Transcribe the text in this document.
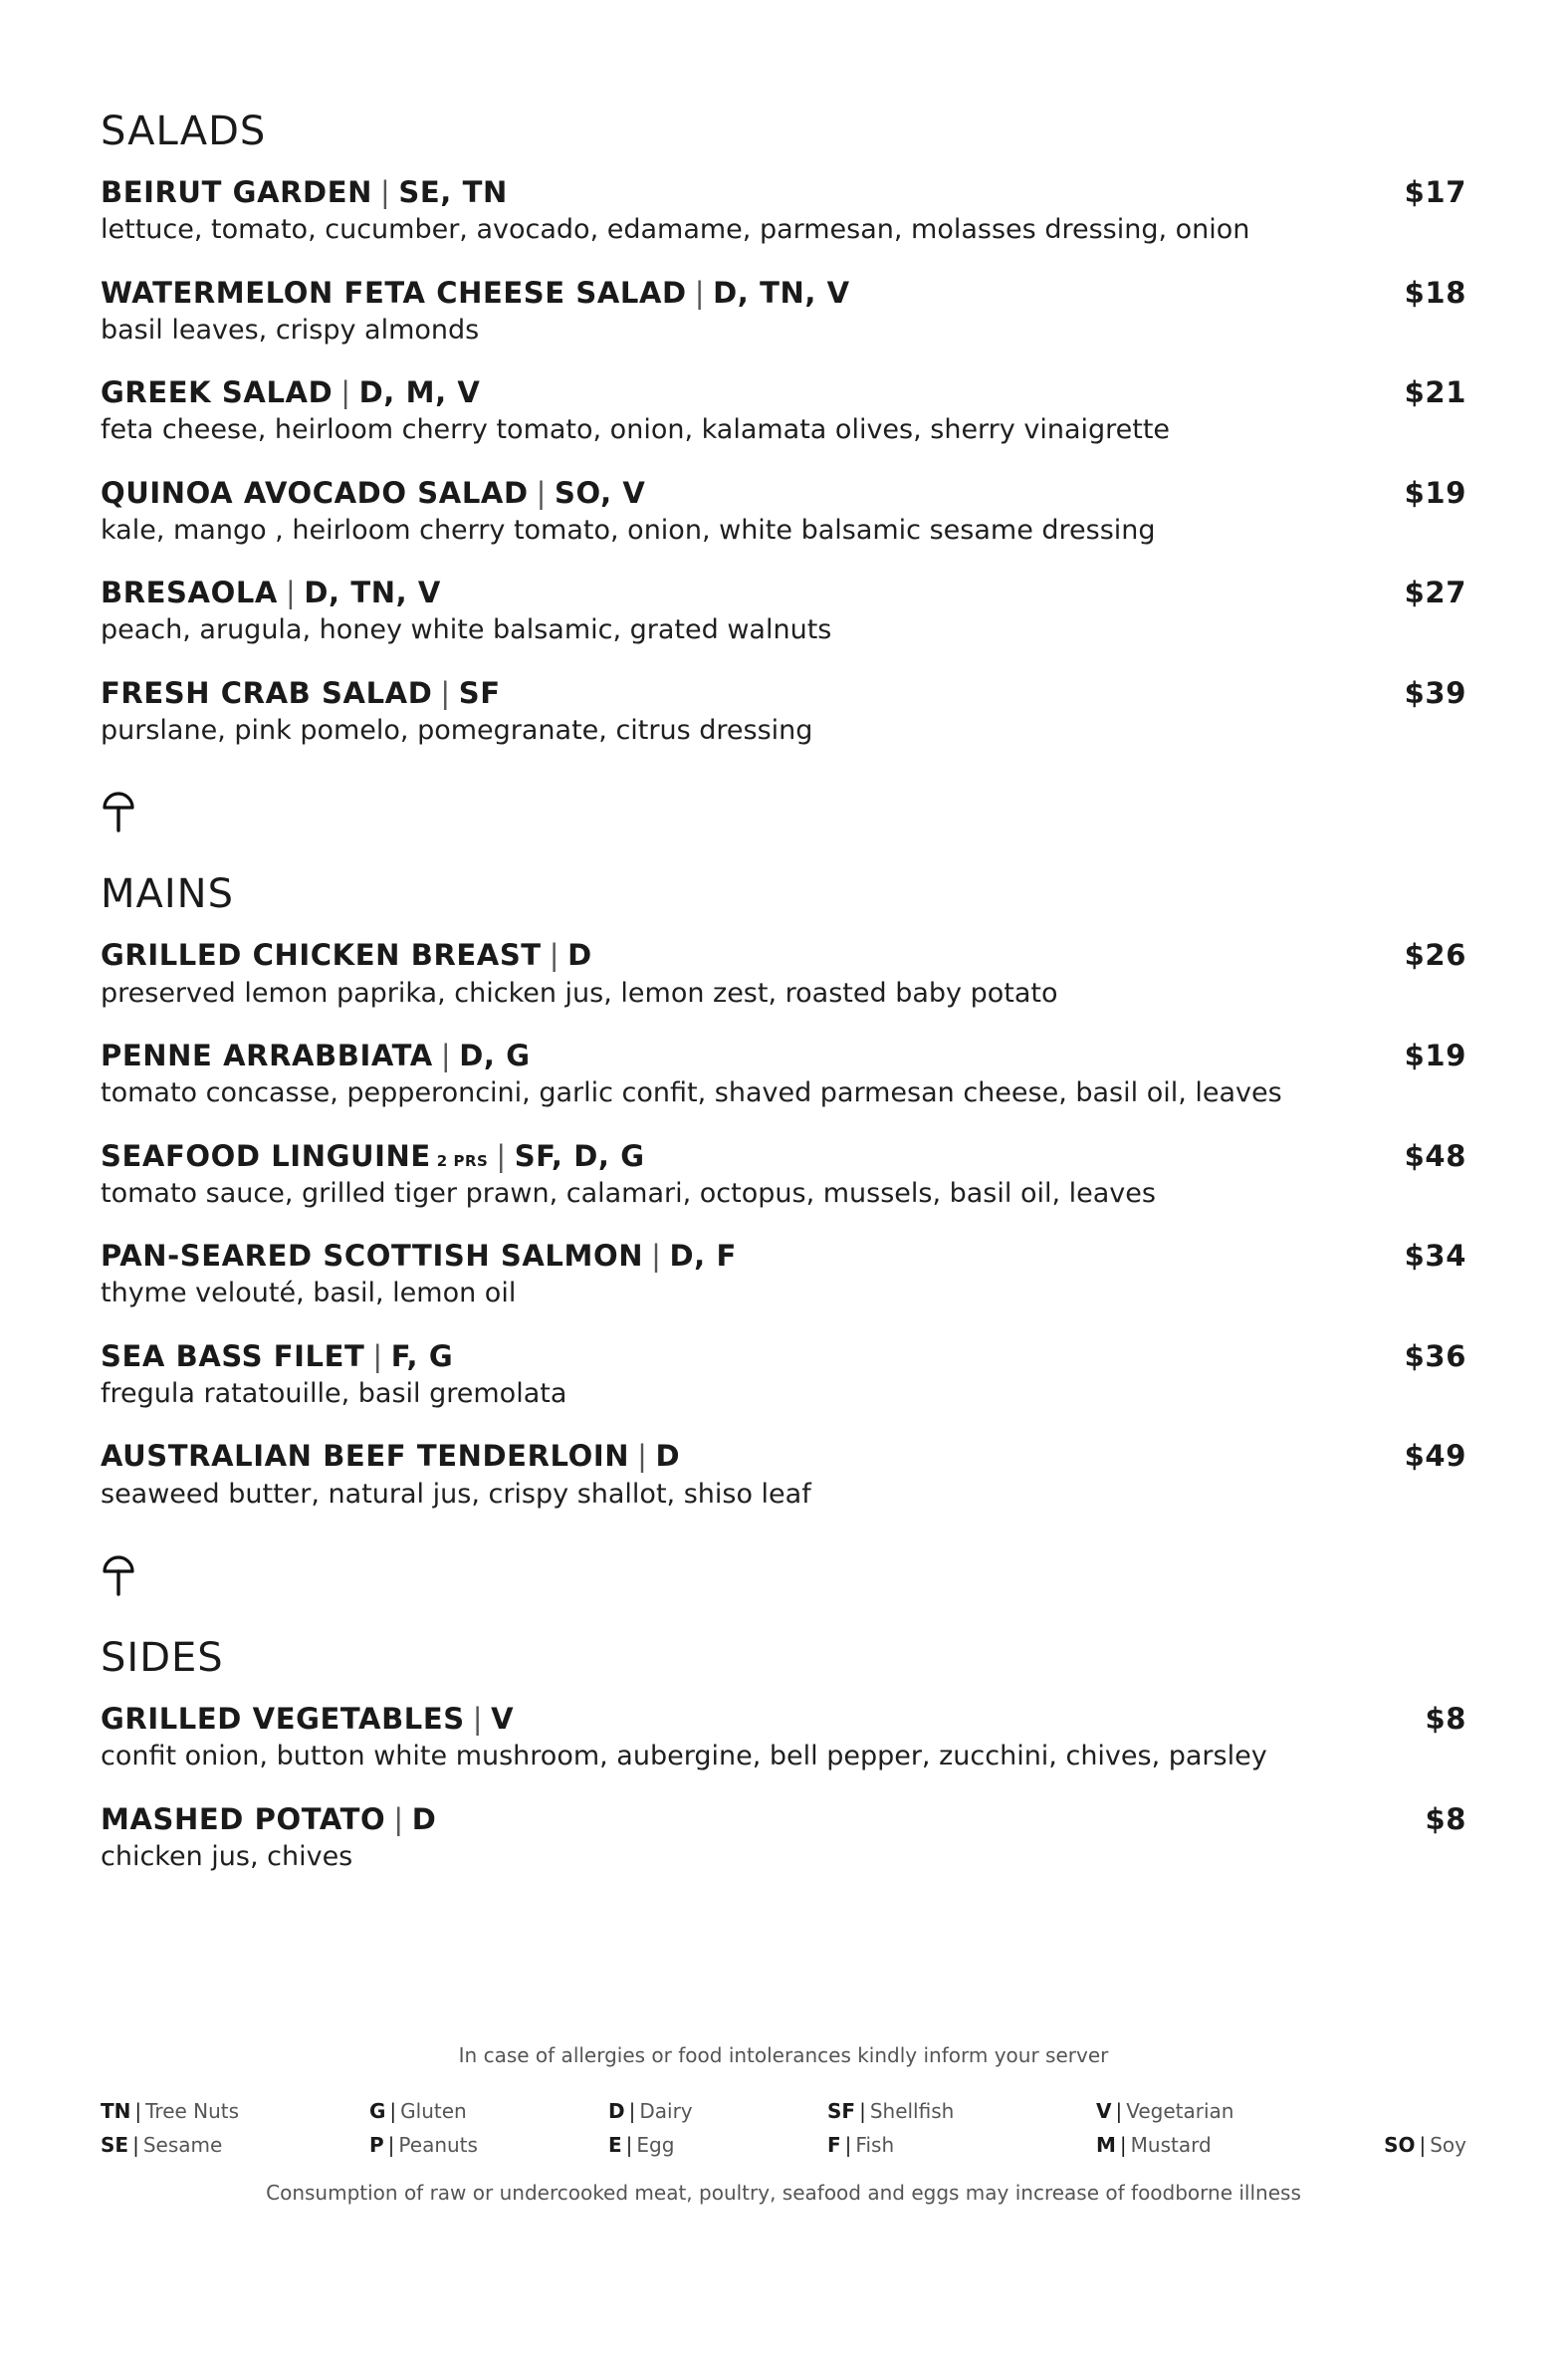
SALADS
BEIRUT GARDEN | SE, TN	$17
lettuce, tomato, cucumber, avocado, edamame, parmesan, molasses dressing, onion
WATERMELON FETA CHEESE SALAD | D, TN, V	$18
basil leaves, crispy almonds
GREEK SALAD | D, M, V	$21
feta cheese, heirloom cherry tomato, onion, kalamata olives, sherry vinaigrette
QUINOA AVOCADO SALAD | SO, V	$19
kale, mango , heirloom cherry tomato, onion, white balsamic sesame dressing
BRESAOLA | D, TN, V	$27
peach, arugula, honey white balsamic, grated walnuts
FRESH CRAB SALAD | SF	$39
purslane, pink pomelo, pomegranate, citrus dressing
MAINS
GRILLED CHICKEN BREAST | D	$26
preserved lemon paprika, chicken jus, lemon zest, roasted baby potato
PENNE ARRABBIATA | D, G	$19
tomato concasse, pepperoncini, garlic confit, shaved parmesan cheese, basil oil, leaves
SEAFOOD LINGUINE 2 PRS | SF, D, G	$48
tomato sauce, grilled tiger prawn, calamari, octopus, mussels, basil oil, leaves
PAN-SEARED SCOTTISH SALMON | D, F	$34
thyme velouté, basil, lemon oil
SEA BASS FILET | F, G	$36
fregula ratatouille, basil gremolata
AUSTRALIAN BEEF TENDERLOIN | D	$49
seaweed butter, natural jus, crispy shallot, shiso leaf
SIDES
GRILLED VEGETABLES | V	$8
confit onion, button white mushroom, aubergine, bell pepper, zucchini, chives, parsley
MASHED POTATO | D	$8
chicken jus, chives

In case of allergies or food intolerances kindly inform your server

TN | Tree Nuts	G | Gluten	D | Dairy	SF | Shellfish	V | Vegetarian
SE | Sesame	P | Peanuts	E | Egg	F | Fish	M | Mustard	SO | Soy

Consumption of raw or undercooked meat, poultry, seafood and eggs may increase of foodborne illness
